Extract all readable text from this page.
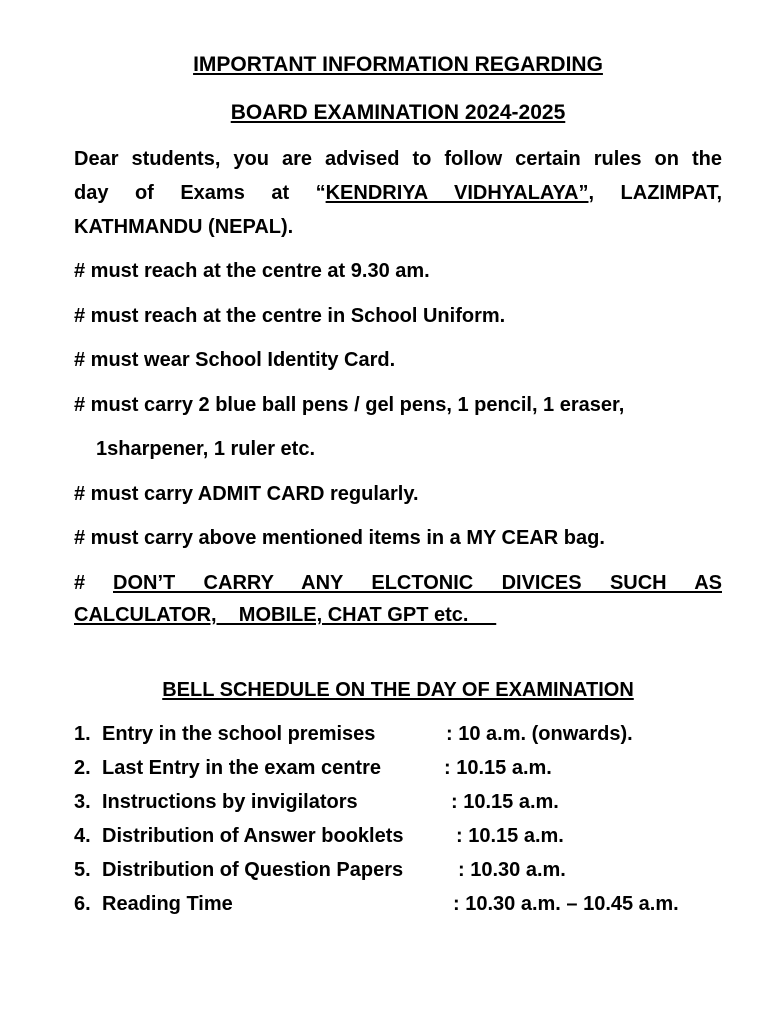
IMPORTANT INFORMATION REGARDING
BOARD EXAMINATION 2024-2025
Dear students, you are advised to follow certain rules on the
day of Exams at “KENDRIYA VIDHYALAYA”, LAZIMPAT,
KATHMANDU (NEPAL).
# must reach at the centre at 9.30 am.
# must reach at the centre in School Uniform.
# must wear School Identity Card.
# must carry 2 blue ball pens / gel pens, 1 pencil, 1 eraser,
1sharpener, 1 ruler etc.
# must carry ADMIT CARD regularly.
# must carry above mentioned items in a MY CEAR bag.
# DON’T CARRY ANY ELCTONIC DIVICES SUCH AS
CALCULATOR,    MOBILE, CHAT GPT etc.
BELL SCHEDULE ON THE DAY OF EXAMINATION
1. Entry in the school premises	: 10 a.m. (onwards).
2. Last Entry in the exam centre	: 10.15 a.m.
3. Instructions by invigilators	: 10.15 a.m.
4. Distribution of Answer booklets	: 10.15 a.m.
5. Distribution of Question Papers	: 10.30 a.m.
6. Reading Time	: 10.30 a.m. – 10.45 a.m.
